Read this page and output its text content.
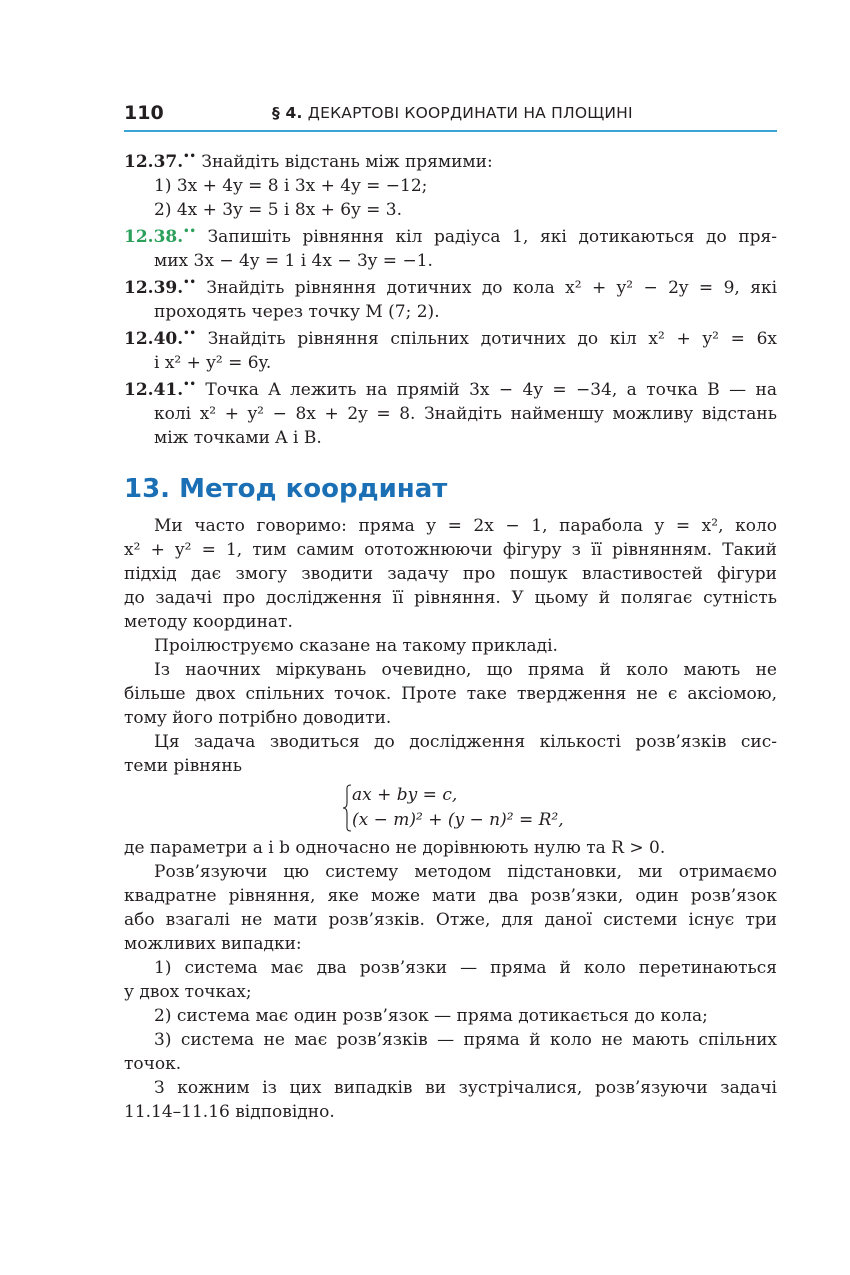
110	§ 4. ДЕКАРТОВІ КООРДИНАТИ НА ПЛОЩИНІ
12.37.•• Знайдіть відстань між прямими:
1) 3x + 4y = 8 і 3x + 4y = −12;
2) 4x + 3y = 5 і 8x + 6y = 3.
12.38.•• Запишіть рівняння кіл радіуса 1, які дотикаються до пря-
мих 3x − 4y = 1 і 4x − 3y = −1.
12.39.•• Знайдіть рівняння дотичних до кола x² + y² − 2y = 9, які
проходять через точку M (7; 2).
12.40.•• Знайдіть рівняння спільних дотичних до кіл x² + y² = 6x
і x² + y² = 6y.
12.41.•• Точка A лежить на прямій 3x − 4y = −34, а точка B — на
колі x² + y² − 8x + 2y = 8. Знайдіть найменшу можливу відстань
між точками A і B.
13. Метод координат
Ми часто говоримо: пряма y = 2x − 1, парабола y = x², коло
x² + y² = 1, тим самим ототожнюючи фігуру з її рівнянням. Такий
підхід дає змогу зводити задачу про пошук властивостей фігури
до задачі про дослідження її рівняння. У цьому й полягає сутність
методу координат.
Проілюструємо сказане на такому прикладі.
Із наочних міркувань очевидно, що пряма й коло мають не
більше двох спільних точок. Проте таке твердження не є аксіомою,
тому його потрібно доводити.
Ця задача зводиться до дослідження кількості розв’язків сис-
теми рівнянь
ax + by = c,
(x − m)² + (y − n)² = R²,
де параметри a і b одночасно не дорівнюють нулю та R > 0.
Розв’язуючи цю систему методом підстановки, ми отримаємо
квадратне рівняння, яке може мати два розв’язки, один розв’язок
або взагалі не мати розв’язків. Отже, для даної системи існує три
можливих випадки:
1) система має два розв’язки — пряма й коло перетинаються
у двох точках;
2) система має один розв’язок — пряма дотикається до кола;
3) система не має розв’язків — пряма й коло не мають спільних
точок.
З кожним із цих випадків ви зустрічалися, розв’язуючи задачі
11.14–11.16 відповідно.
